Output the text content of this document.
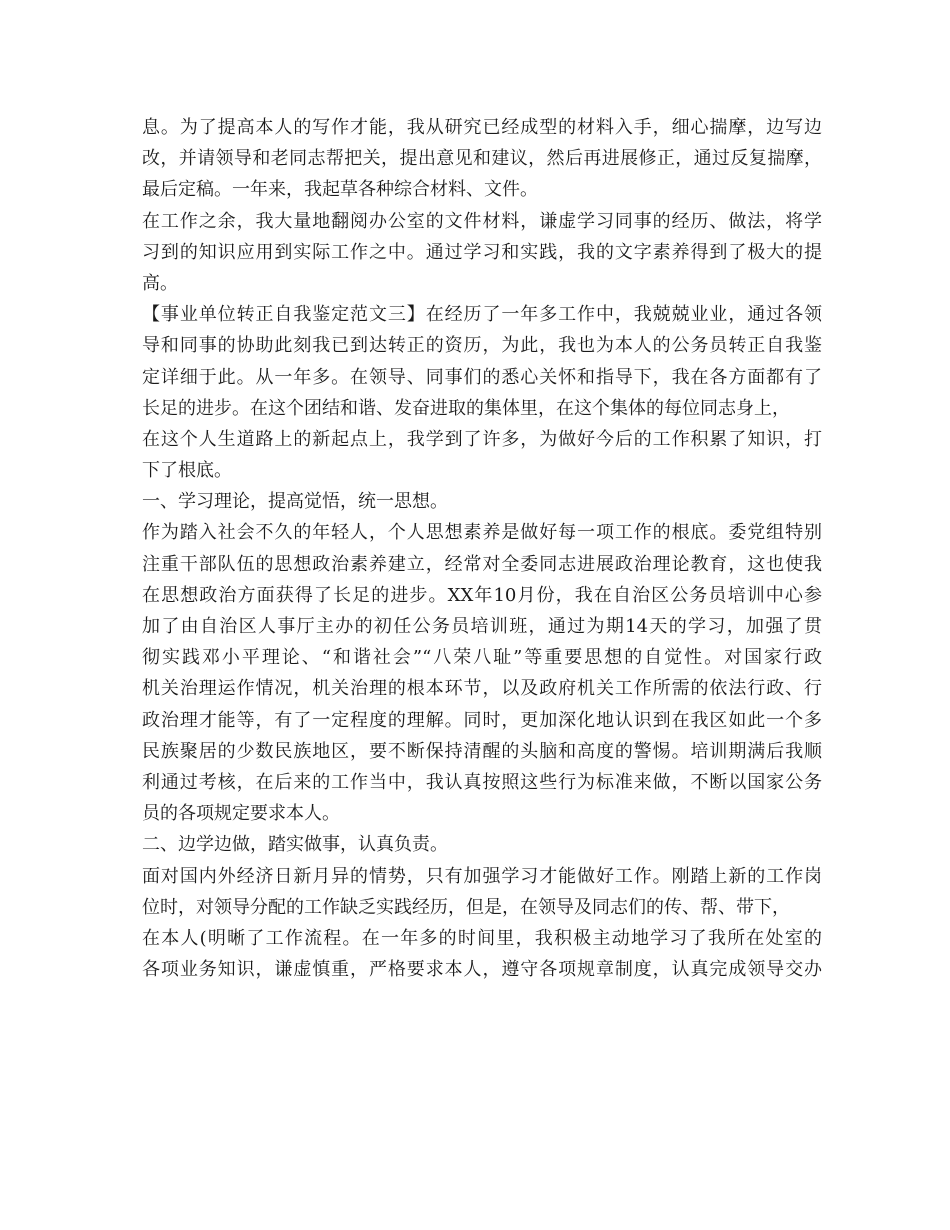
息。为了提高本人的写作才能，我从研究已经成型的材料入手，细心揣摩，边写边
改，并请领导和老同志帮把关，提出意见和建议，然后再进展修正，通过反复揣摩，
最后定稿。一年来，我起草各种综合材料、文件。
在工作之余，我大量地翻阅办公室的文件材料，谦虚学习同事的经历、做法，将学
习到的知识应用到实际工作之中。通过学习和实践，我的文字素养得到了极大的提
高。
【事业单位转正自我鉴定范文三】在经历了一年多工作中，我兢兢业业，通过各领
导和同事的协助此刻我已到达转正的资历，为此，我也为本人的公务员转正自我鉴
定详细于此。从一年多。在领导、同事们的悉心关怀和指导下，我在各方面都有了
长足的进步。在这个团结和谐、发奋进取的集体里，在这个集体的每位同志身上，
在这个人生道路上的新起点上，我学到了许多，为做好今后的工作积累了知识，打
下了根底。
一、学习理论，提高觉悟，统一思想。
作为踏入社会不久的年轻人，个人思想素养是做好每一项工作的根底。委党组特别
注重干部队伍的思想政治素养建立，经常对全委同志进展政治理论教育，这也使我
在思想政治方面获得了长足的进步。XX年10月份，我在自治区公务员培训中心参
加了由自治区人事厅主办的初任公务员培训班，通过为期14天的学习，加强了贯
彻实践邓小平理论、“和谐社会”“八荣八耻”等重要思想的自觉性。对国家行政
机关治理运作情况，机关治理的根本环节，以及政府机关工作所需的依法行政、行
政治理才能等，有了一定程度的理解。同时，更加深化地认识到在我区如此一个多
民族聚居的少数民族地区，要不断保持清醒的头脑和高度的警惕。培训期满后我顺
利通过考核，在后来的工作当中，我认真按照这些行为标准来做，不断以国家公务
员的各项规定要求本人。
二、边学边做，踏实做事，认真负责。
面对国内外经济日新月异的情势，只有加强学习才能做好工作。刚踏上新的工作岗
位时，对领导分配的工作缺乏实践经历，但是，在领导及同志们的传、帮、带下，
在本人(明晰了工作流程。在一年多的时间里，我积极主动地学习了我所在处室的
各项业务知识，谦虚慎重，严格要求本人，遵守各项规章制度，认真完成领导交办
